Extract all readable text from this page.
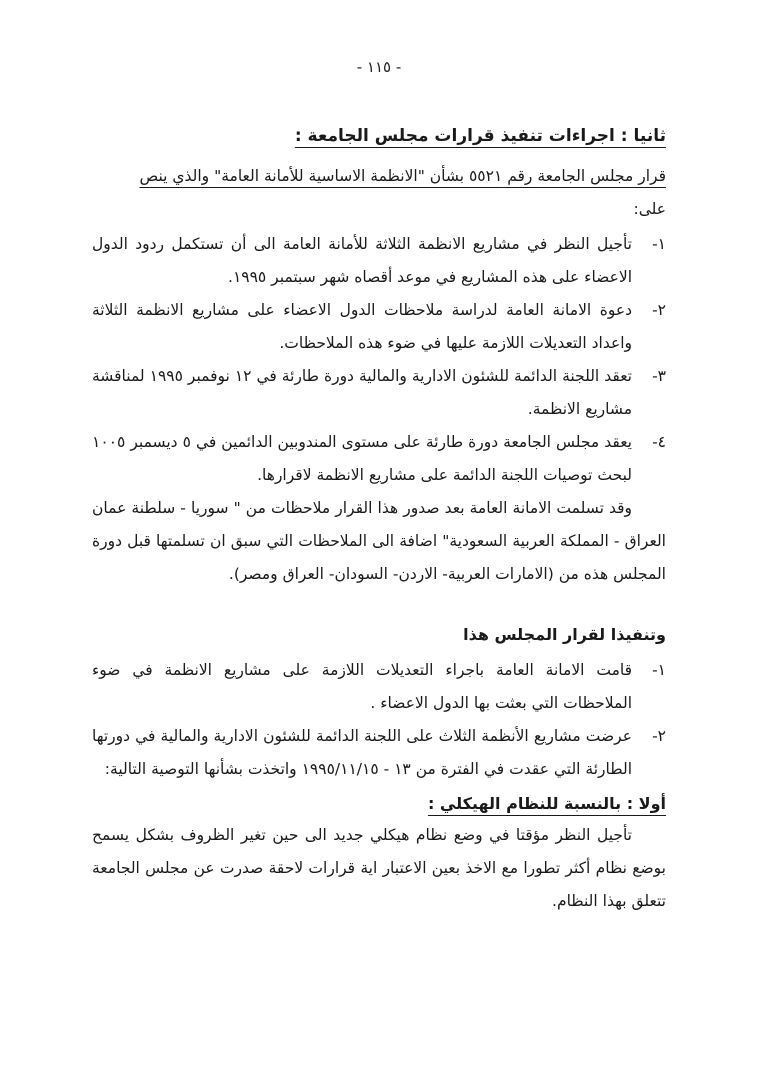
- ١١٥ -
ثانيا : اجراءات تنفيذ قرارات مجلس الجامعة :

قرار مجلس الجامعة رقم ٥٥٢١ بشأن "الانظمة الاساسية للأمانة العامة" والذي ينص
على:

١-
تأجيل النظر في مشاريع الانظمة الثلاثة للأمانة العامة الى أن تستكمل ردود الدول الاعضاء على هذه المشاريع في موعد أقصاه شهر سبتمبر ١٩٩٥.
٢-
دعوة الامانة العامة لدراسة ملاحظات الدول الاعضاء على مشاريع الانظمة الثلاثة واعداد التعديلات اللازمة عليها في ضوء هذه الملاحظات.
٣-
تعقد اللجنة الدائمة للشئون الادارية والمالية دورة طارئة في ١٢ نوفمبر ١٩٩٥ لمناقشة مشاريع الانظمة.
٤-
يعقد مجلس الجامعة دورة طارئة على مستوى المندوبين الدائمين في ٥ ديسمبر ١٠٠٥ لبحث توصيات اللجنة الدائمة على مشاريع الانظمة لاقرارها.

وقد تسلمت الامانة العامة بعد صدور هذا القرار ملاحظات من " سوريا - سلطنة عمان العراق - المملكة العربية السعودية" اضافة الى الملاحظات التي سبق ان تسلمتها قبل دورة المجلس هذه من (الامارات العربية- الاردن- السودان- العراق ومصر).

وتنفيذا لقرار المجلس هذا
١-
قامت الامانة العامة باجراء التعديلات اللازمة على مشاريع الانظمة في ضوء الملاحظات التي بعثت بها الدول الاعضاء .
٢-
عرضت مشاريع الأنظمة الثلاث على اللجنة الدائمة للشئون الادارية والمالية في دورتها الطارئة التي عقدت في الفترة من ١٣ - ١٩٩٥/١١/١٥ واتخذت بشأنها التوصية التالية:
أولا : بالنسبة للنظام الهيكلي :

تأجيل النظر مؤقتا في وضع نظام هيكلي جديد الى حين تغير الظروف بشكل يسمح بوضع نظام أكثر تطورا مع الاخذ بعين الاعتبار اية قرارات لاحقة صدرت عن مجلس الجامعة تتعلق بهذا النظام.
